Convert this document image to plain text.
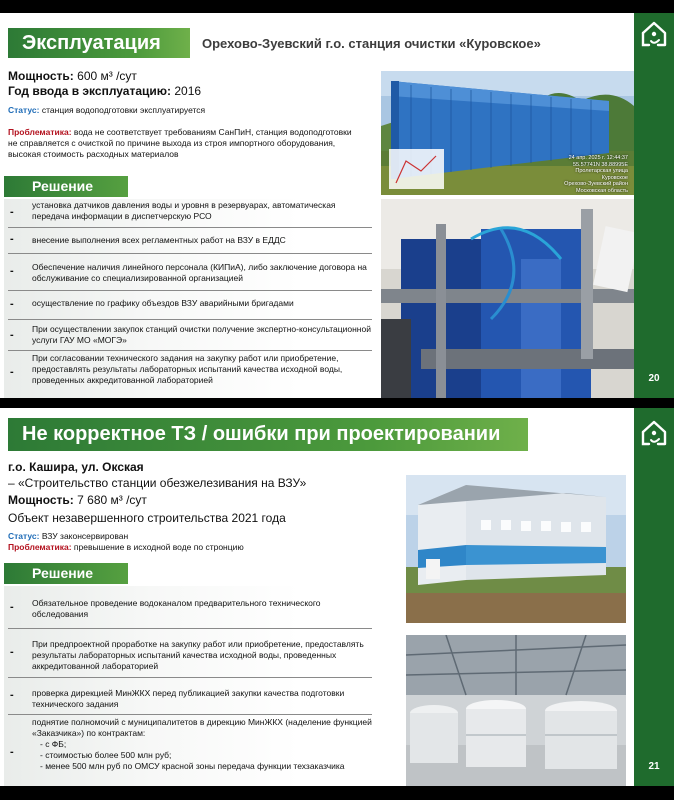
Эксплуатация	Орехово-Зуевский г.о. станция очистки «Куровское»
Мощность: 600 м³ /сут
Год ввода в эксплуатацию: 2016
Статус: станция водоподготовки эксплуатируется
Проблематика: вода не соответствует требованиям СанПиН, станция водоподготовки не справляется с очисткой по причине выхода из строя импортного оборудования, высокая стоимость расходных материалов
Решение
-
установка датчиков давления воды и уровня в резервуарах, автоматическая передача информации в диспетчерскую РСО
- внесение выполнения всех регламентных работ на ВЗУ в ЕДДС
- Обеспечение наличия линейного персонала (КИПиА), либо заключение договора на обслуживание со специализированной организацией
- осуществление по графику объездов ВЗУ аварийными бригадами
- При осуществлении закупок станций очистки получение экспертно-консультационной услуги ГАУ МО «МОГЭ»
-
При согласовании технического задания на закупку работ или приобретение, предоставлять результаты лабораторных испытаний качества исходной воды, проведенных аккредитованной лабораторией
24 апр. 2025 г. 12:44:37
55.57741N 38.88995E
Пролетарская улица
Куровское
Орехово-Зуевский район
Московская область
20
Не корректное ТЗ / ошибки при проектировании
г.о. Кашира, ул. Окская
– «Строительство станции обезжелезивания на ВЗУ»
Мощность: 7 680 м³ /сут
Объект незавершенного строительства 2021 года
Статус: ВЗУ законсервирован
Проблематика: превышение в исходной воде по стронцию
Решение
- Обязательное проведение водоканалом предварительного технического обследования
-
При предпроектной проработке на закупку работ или приобретение, предоставлять результаты лабораторных испытаний качества исходной воды, проведенных аккредитованной лабораторией
- проверка дирекцией МинЖКХ перед публикацией закупки качества подготовки технического задания
-
поднятие полномочий с муниципалитетов в дирекцию МинЖКХ (наделение функцией «Заказчика») по контрактам:
- с ФБ;
- стоимостью более 500 млн руб;
- менее 500 млн руб по ОМСУ красной зоны передача функции техзаказчика	21
